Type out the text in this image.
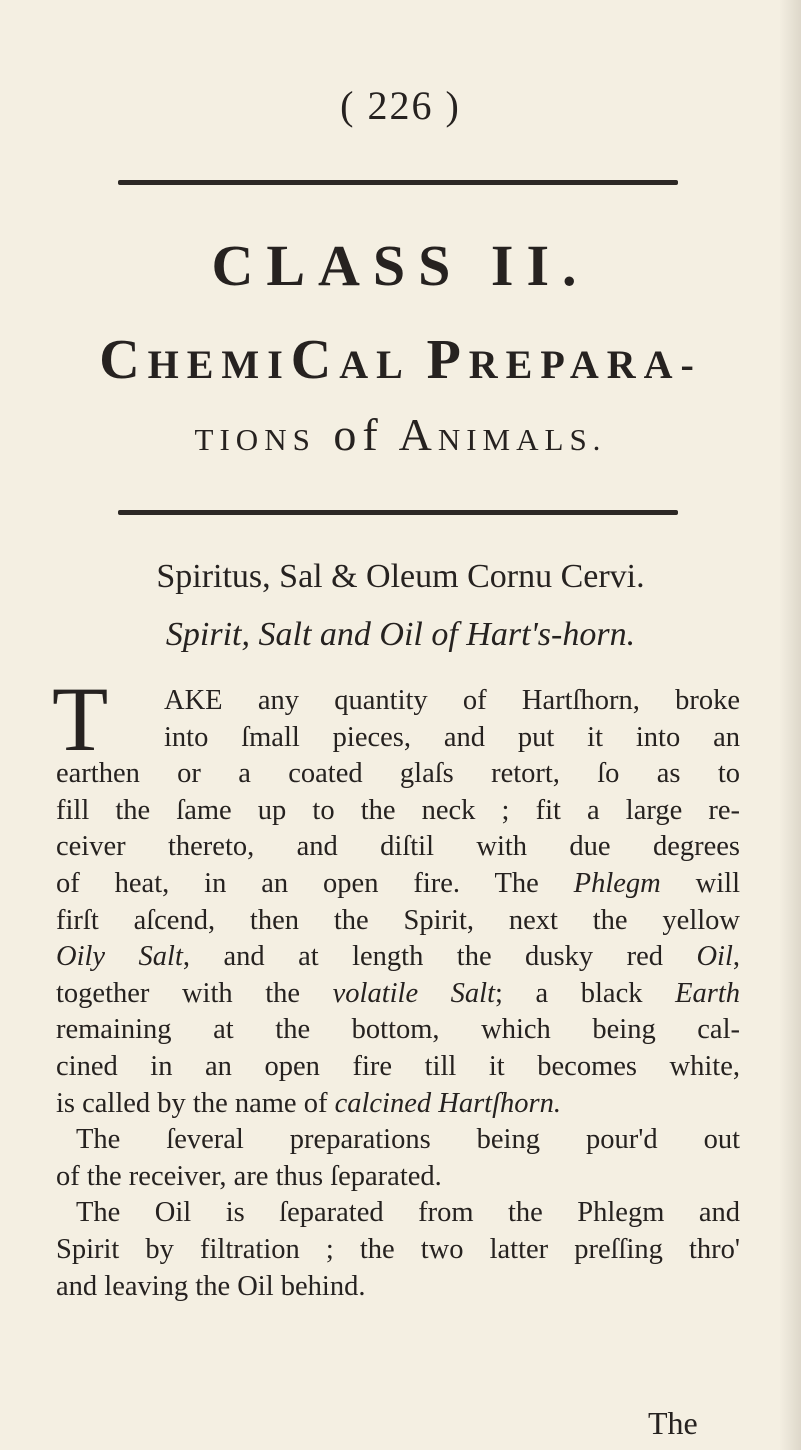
( 226 )
CLASS II.
CHEMICAL PREPARA-
TIONS of ANIMALS.
Spiritus, Sal & Oleum Cornu Cervi.
Spirit, Salt and Oil of Hart's-horn.
T	AKE any quantity of Hartſhorn, broke
into ſmall pieces, and put it into an
earthen or a coated glaſs retort, ſo as to
fill the ſame up to the neck ; fit a large re-
ceiver thereto, and diſtil with due degrees
of heat, in an open fire. The Phlegm will
firſt aſcend, then the Spirit, next the yellow
Oily Salt, and at length the dusky red Oil,
together with the volatile Salt; a black Earth
remaining at the bottom, which being cal-
cined in an open fire till it becomes white,
is called by the name of calcined Hartſhorn.
The ſeveral preparations being pour'd out
of the receiver, are thus ſeparated.
The Oil is ſeparated from the Phlegm and
Spirit by filtration ; the two latter preſſing thro'
and leaving the Oil behind.
The
